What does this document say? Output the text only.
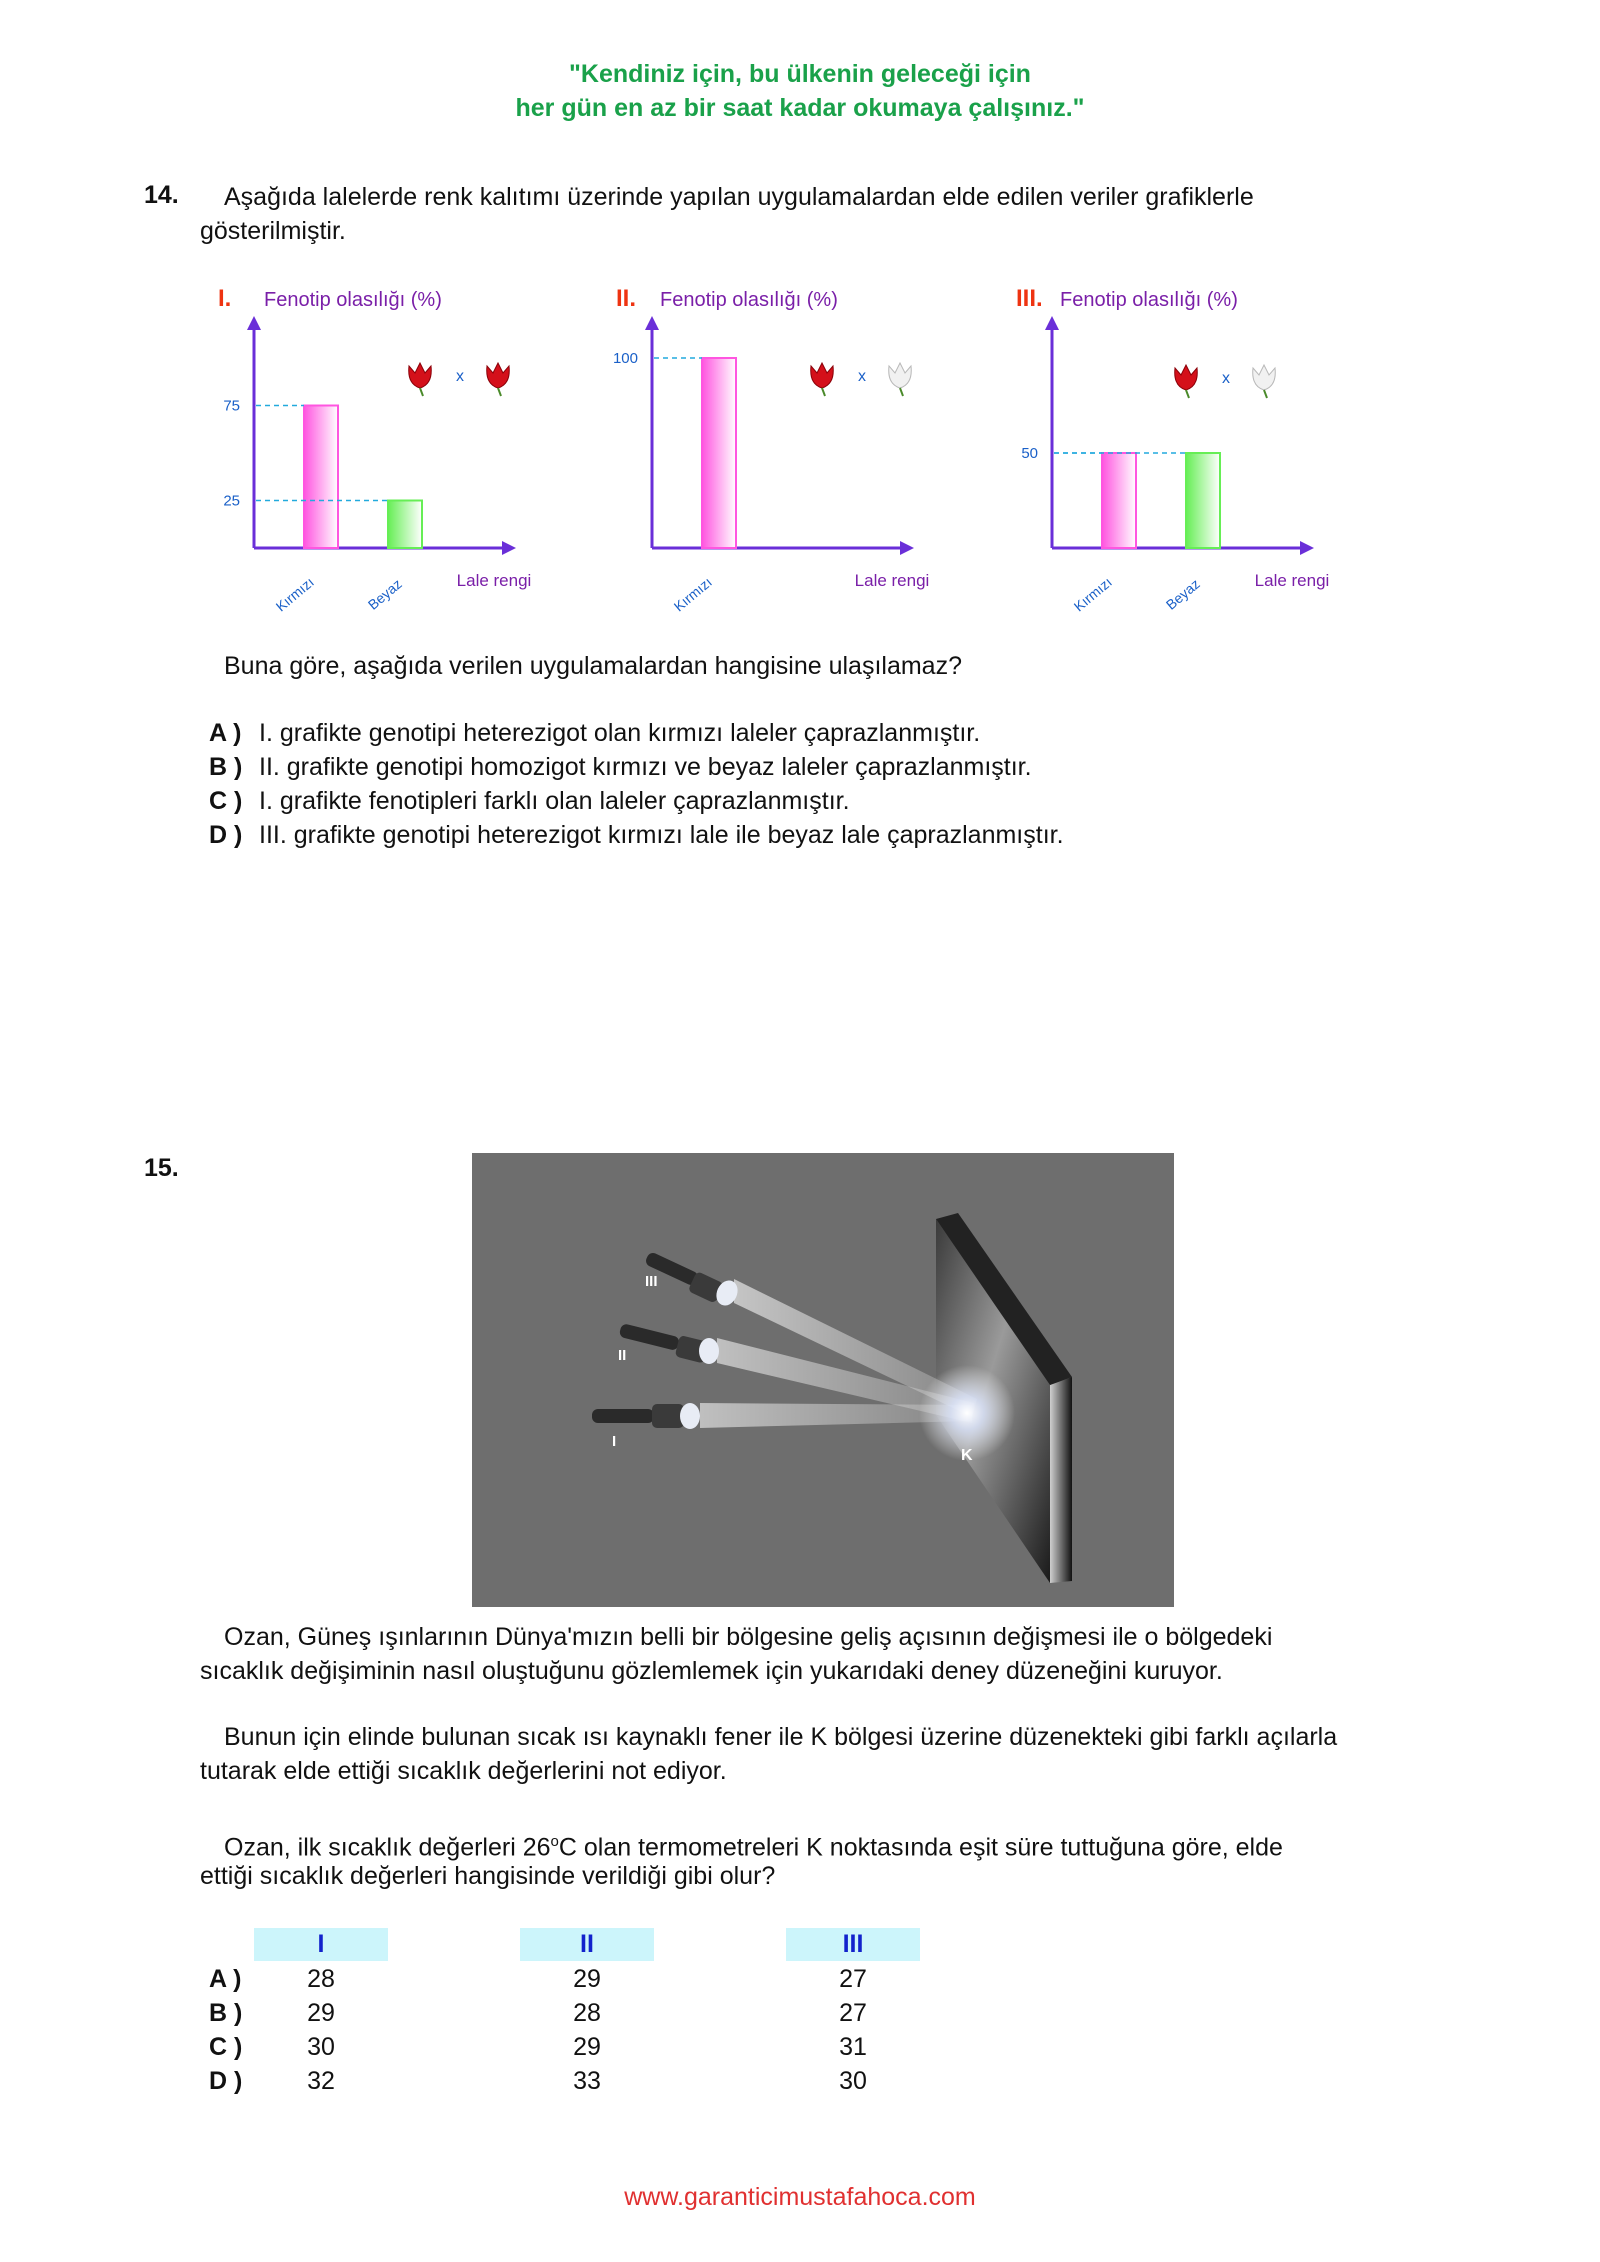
"Kendiniz için, bu ülkenin geleceği için
her gün en az bir saat kadar okumaya çalışınız."
14. Aşağıda lalelerde renk kalıtımı üzerinde yapılan uygulamalardan elde edilen veriler grafiklerle
gösterilmiştir.
I. Fenotip olasılığı (%)
Lale rengi
Kırmızı	Beyaz
75
25
x
II. Fenotip olasılığı (%)
Lale rengi
Kırmızı
100
x
III. Fenotip olasılığı (%)
Lale rengi
Kırmızı	Beyaz
50
x
Buna göre, aşağıda verilen uygulamalardan hangisine ulaşılamaz?
A ) I. grafikte genotipi heterezigot olan kırmızı laleler çaprazlanmıştır.
B ) II. grafikte genotipi homozigot kırmızı ve beyaz laleler çaprazlanmıştır.
C ) I. grafikte fenotipleri farklı olan laleler çaprazlanmıştır.
D ) III. grafikte genotipi heterezigot kırmızı lale ile beyaz lale çaprazlanmıştır.
15.
III
II
I
K
Ozan, Güneş ışınlarının Dünya'mızın belli bir bölgesine geliş açısının değişmesi ile o bölgedeki
sıcaklık değişiminin nasıl oluştuğunu gözlemlemek için yukarıdaki deney düzeneğini kuruyor.
Bunun için elinde bulunan sıcak ısı kaynaklı fener ile K bölgesi üzerine düzenekteki gibi farklı açılarla
tutarak elde ettiği sıcaklık değerlerini not ediyor.
Ozan, ilk sıcaklık değerleri 26$^o$C olan termometreleri K noktasında eşit süre tuttuğuna göre, elde
ettiği sıcaklık değerleri hangisinde verildiği gibi olur?
I	II	III
A )	28	29	27
B )	29	28	27
C )	30	29	31
D )	32	33	30
www.garanticimustafahoca.com
